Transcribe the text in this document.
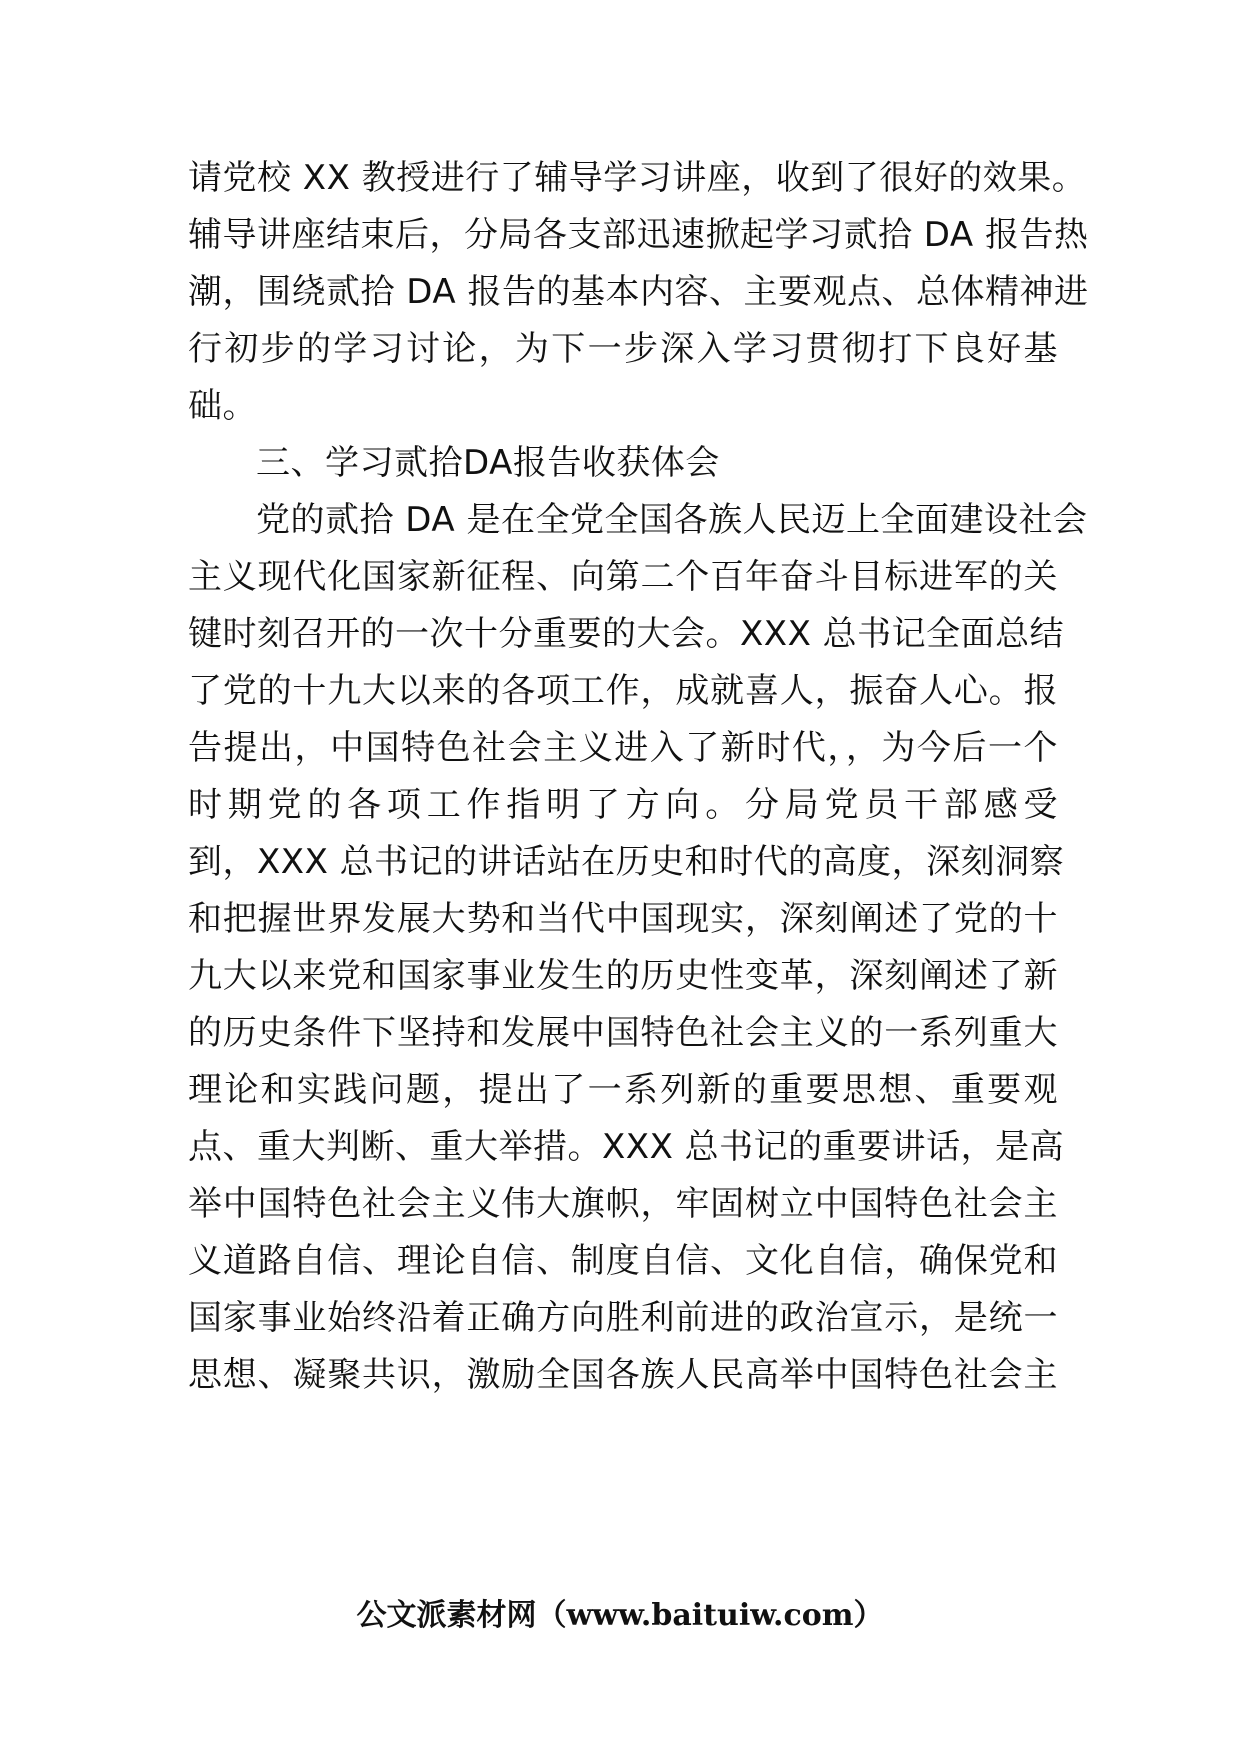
请党校 XX 教授进行了辅导学习讲座，收到了很好的效果。
辅导讲座结束后，分局各支部迅速掀起学习贰拾 DA 报告热
潮，围绕贰拾 DA 报告的基本内容、主要观点、总体精神进
行初步的学习讨论，为下一步深入学习贯彻打下良好基
础。
三、学习贰拾DA报告收获体会
党的贰拾 DA 是在全党全国各族人民迈上全面建设社会
主义现代化国家新征程、向第二个百年奋斗目标进军的关
键时刻召开的一次十分重要的大会。XXX 总书记全面总结
了党的十九大以来的各项工作，成就喜人，振奋人心。报
告提出，中国特色社会主义进入了新时代，，为今后一个
时期党的各项工作指明了方向。分局党员干部感受
到，XXX 总书记的讲话站在历史和时代的高度，深刻洞察
和把握世界发展大势和当代中国现实，深刻阐述了党的十
九大以来党和国家事业发生的历史性变革，深刻阐述了新
的历史条件下坚持和发展中国特色社会主义的一系列重大
理论和实践问题，提出了一系列新的重要思想、重要观
点、重大判断、重大举措。XXX 总书记的重要讲话，是高
举中国特色社会主义伟大旗帜，牢固树立中国特色社会主
义道路自信、理论自信、制度自信、文化自信，确保党和
国家事业始终沿着正确方向胜利前进的政治宣示，是统一
思想、凝聚共识，激励全国各族人民高举中国特色社会主
公文派素材网（www.baituiw.com）
